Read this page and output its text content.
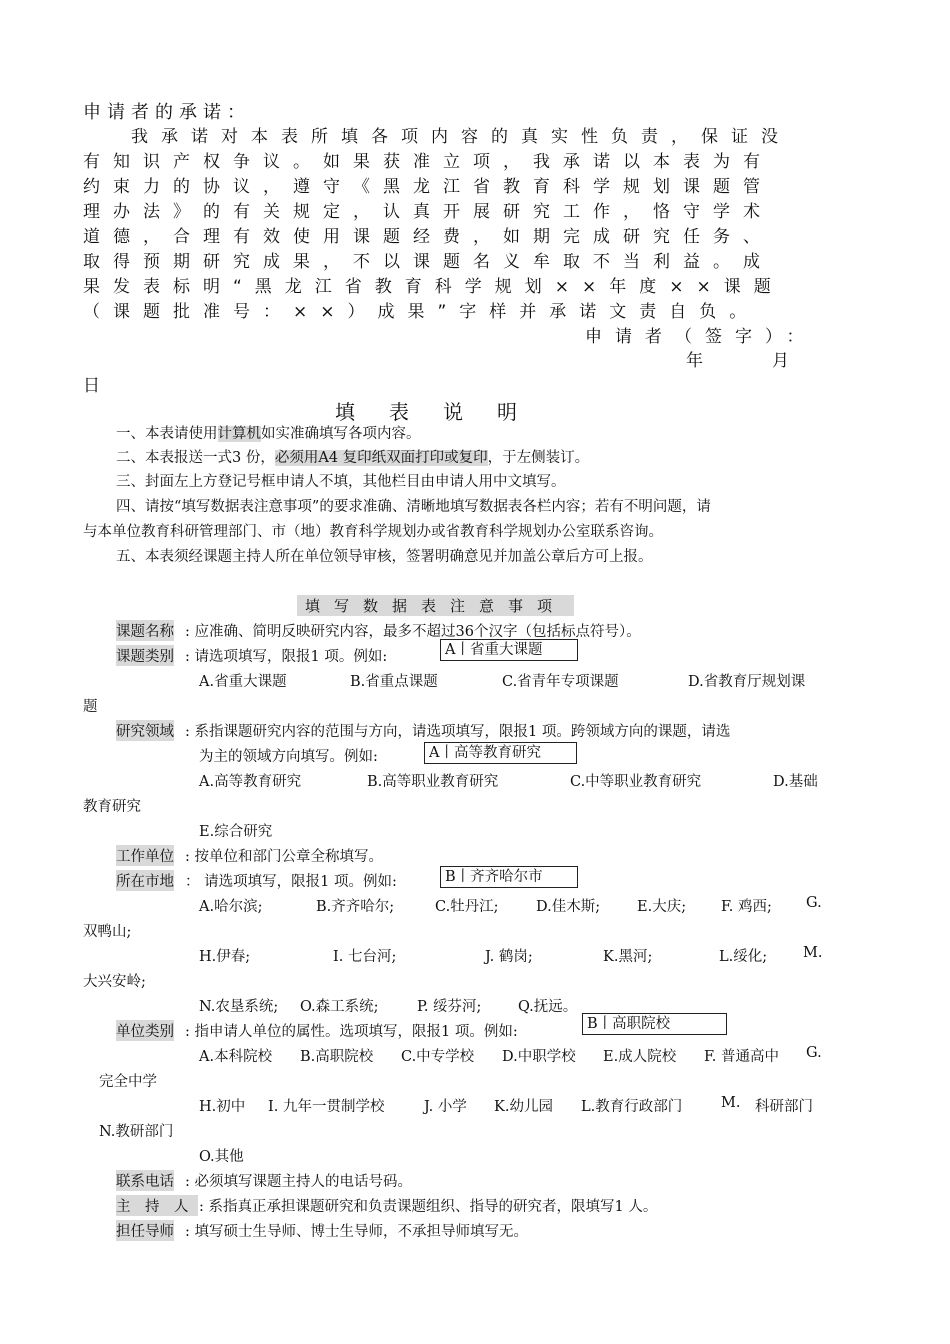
申请者的承诺：
我承诺对本表所填各项内容的真实性负责，保证没
有知识产权争议。如果获准立项，我承诺以本表为有
约束力的协议，遵守《黑龙江省教育科学规划课题管
理办法》的有关规定，认真开展研究工作，恪守学术
道德，合理有效使用课题经费，如期完成研究任务、
取得预期研究成果，不以课题名义牟取不当利益。成
果发表标明“黑龙江省教育科学规划××年度××课题
（课题批准号：××）成果”字样并承诺文责自负。
申请者（签字）：
年	月
日
填表说明
一、本表请使用计算机如实准确填写各项内容。
二、本表报送一式3 份，必须用A4 复印纸双面打印或复印，于左侧装订。
三、封面左上方登记号框申请人不填，其他栏目由申请人用中文填写。
四、请按“填写数据表注意事项”的要求准确、清晰地填写数据表各栏内容；若有不明问题，请
与本单位教育科研管理部门、市（地）教育科学规划办或省教育科学规划办公室联系咨询。
五、本表须经课题主持人所在单位领导审核，签署明确意见并加盖公章后方可上报。
填写数据表注意事项
课题名称 : 应准确、简明反映研究内容，最多不超过36个汉字（包括标点符号）。
课题类别 : 请选项填写，限报1 项。例如:	A丨省重大课题
A.省重大课题	B.省重点课题	C.省青年专项课题	D.省教育厅规划课
题
研究领域 : 系指课题研究内容的范围与方向，请选项填写，限报1 项。跨领域方向的课题，请选
为主的领域方向填写。例如:	A丨高等教育研究
A.高等教育研究	B.高等职业教育研究	C.中等职业教育研究	D.基础
教育研究
E.综合研究
工作单位 : 按单位和部门公章全称填写。
所在市地 ： 请选项填写，限报1 项。例如:	B丨齐齐哈尔市
A.哈尔滨;	B.齐齐哈尔;	C.牡丹江;	D.佳木斯;	E.大庆; F. 鸡西; G.
双鸭山;
H.伊春;	I. 七台河;	J. 鹤岗;	K.黑河;	L.绥化; M.
大兴安岭;
N.农垦系统; O.森工系统;	P. 绥芬河;	Q.抚远。
单位类别 : 指申请人单位的属性。选项填写，限报1 项。例如:	B丨高职院校
A.本科院校 B.高职院校 C.中专学校 D.中职学校 E.成人院校 F. 普通高中 G.
完全中学
H.初中 I. 九年一贯制学校	J. 小学 K.幼儿园 L.教育行政部门	M. 科研部门
N.教研部门
O.其他
联系电话 : 必须填写课题主持人的电话号码。
主　持　人 : 系指真正承担课题研究和负责课题组织、指导的研究者，限填写1 人。
担任导师 : 填写硕士生导师、博士生导师，不承担导师填写无。
